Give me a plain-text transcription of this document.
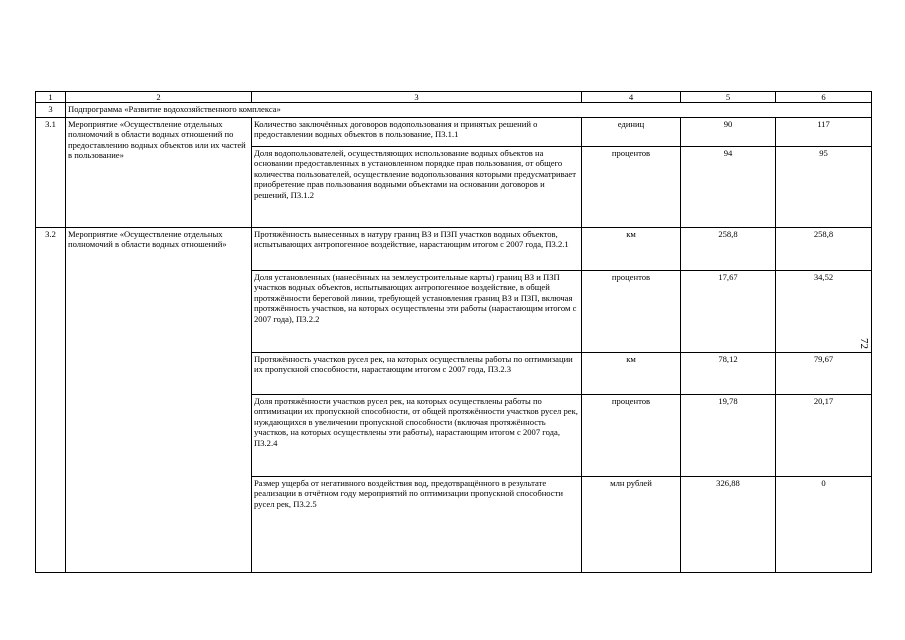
1	2	3	4	5	6
3	Подпрограмма «Развитие водохозяйственного комплекса»				
3.1	Мероприятие «Осуществление отдельных полномочий в области водных отношений по предоставлению водных объектов или их частей в пользование»	Количество заключённых договоров водопользования и принятых решений о предоставлении водных объектов в пользование, П3.1.1	единиц	90	117
		Доля водопользователей, осуществляющих использование водных объектов на основании предоставленных в установленном порядке прав пользования, от общего количества пользователей, осуществление водопользования которыми предусматривает приобретение прав пользования водными объектами на основании договоров и решений, П3.1.2	процентов	94	95
3.2	Мероприятие «Осуществление отдельных полномочий в области водных отношений»	Протяжённость вынесенных в натуру границ ВЗ и ПЗП участков водных объектов, испытывающих антропогенное воздействие, нарастающим итогом с 2007 года, П3.2.1	км	258,8	258,8
		Доля установленных (нанесённых на землеустроительные карты) границ ВЗ и ПЗП участков водных объектов, испытывающих антропогенное воздействие, в общей протяжённости береговой линии, требующей установления границ ВЗ и ПЗП, включая протяжённость участков, на которых осуществлены эти работы (нарастающим итогом с 2007 года), П3.2.2	процентов	17,67	34,52
		Протяжённость участков русел рек, на которых осуществлены работы по оптимизации их пропускной способности, нарастающим итогом с 2007 года, П3.2.3	км	78,12	79,67
		Доля протяжённости участков русел рек, на которых осуществлены работы по оптимизации их пропускной способности, от общей протяжённости участков русел рек, нуждающихся в увеличении пропускной способности (включая протяжённость участков, на которых осуществлены эти работы), нарастающим итогом с 2007 года, П3.2.4	процентов	19,78	20,17
		Размер ущерба от негативного воздействия вод, предотвращённого в результате реализации в отчётном году мероприятий по оптимизации пропускной способности русел рек, П3.2.5	млн рублей	326,88	0
72
